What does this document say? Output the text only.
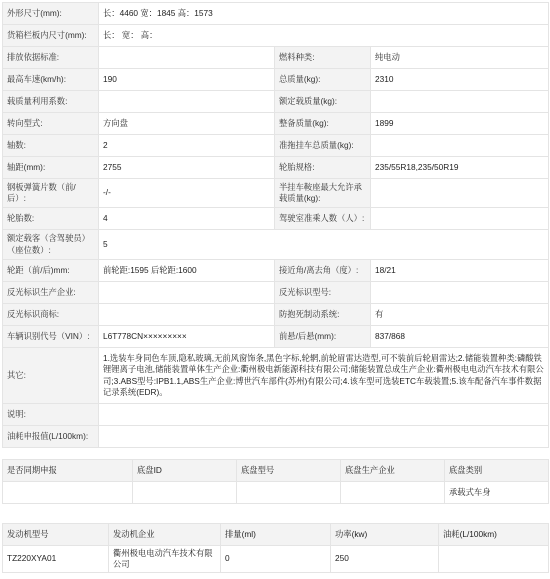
外形尺寸(mm):	长：4460 宽：1845 高：1573		
货箱栏板内尺寸(mm):	长： 宽： 高：		
排放依据标准:		燃料种类:	纯电动
最高车速(km/h):	190	总质量(kg):	2310
载质量利用系数:		额定载质量(kg):	
转向型式:	方向盘	整备质量(kg):	1899
轴数:	2	准拖挂车总质量(kg):	
轴距(mm):	2755	轮胎规格:	235/55R18,235/50R19
钢板弹簧片数（前/后）:	-/-	半挂车鞍座最大允许承载质量(kg):	
轮胎数:	4	驾驶室准乘人数（人）:	
额定载客（含驾驶员）（座位数）:	5		
轮距（前/后)mm:	前轮距:1595 后轮距:1600	接近角/离去角（度）:	18/21
反光标识生产企业:		反光标识型号:	
反光标识商标:		防抱死制动系统:	有
车辆识别代号（VIN）:	L6T778CN×××××××××	前悬/后悬(mm):	837/868
其它:	1.选装车身同色车顶,隐私玻璃,无前风窗饰条,黑色字标,轮辋,前轮眉雷达造型,可不装前后轮眉雷达;2.储能装置种类:磷酸铁锂锂离子电池,储能装置单体生产企业:衢州极电新能源科技有限公司;储能装置总成生产企业:衢州极电电动汽车技术有限公司;3.ABS型号:IPB1.1,ABS生产企业:博世汽车部件(苏州)有限公司;4.该车型可选装ETC车载装置;5.该车配备汽车事件数据记录系统(EDR)。		
说明:			
油耗申报值(L/100km):			
是否同期申报	底盘ID	底盘型号	底盘生产企业	底盘类别
				承载式车身
发动机型号	发动机企业	排量(ml)	功率(kw)	油耗(L/100km)
TZ220XYA01	衢州极电电动汽车技术有限公司	0	250	
